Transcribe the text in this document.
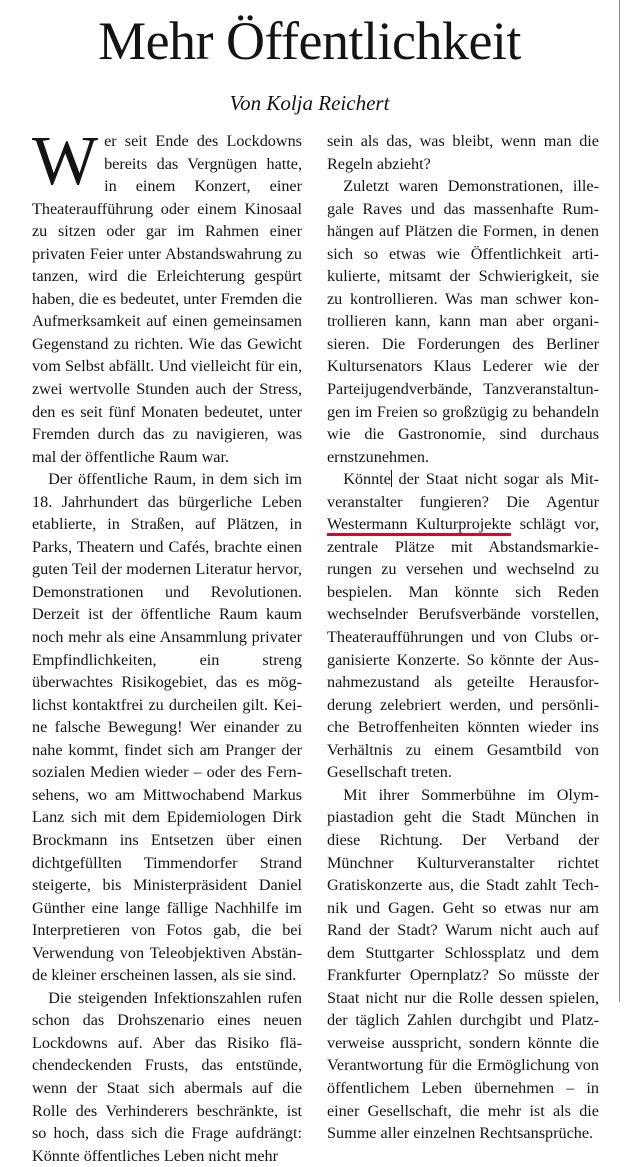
Mehr Öffentlichkeit
Von Kolja Reichert

Wer seit Ende des Lockdowns bereits das Vergnügen hatte, in einem Konzert, einer Theateraufführung oder einem Kinosaal zu sitzen oder gar im Rahmen einer privaten Feier unter Abstandswahrung zu tanzen, wird die Erleichterung gespürt haben, die es bedeutet, unter Fremden die Aufmerksamkeit auf einen gemeinsamen Gegenstand zu richten. Wie das Gewicht vom Selbst abfällt. Und vielleicht für ein, zwei wertvolle Stunden auch der Stress, den es seit fünf Monaten bedeutet, unter Fremden durch das zu navigieren, was mal der öffentliche Raum war.

Der öffentliche Raum, in dem sich im 18. Jahrhundert das bürgerliche Leben etablierte, in Straßen, auf Plätzen, in Parks, Theatern und Cafés, brachte einen guten Teil der modernen Literatur hervor, Demonstrationen und Revolutionen. Derzeit ist der öffentliche Raum kaum noch mehr als eine Ansammlung privater Empfindlichkeiten, ein streng überwachtes Risikogebiet, das es möglichst kontaktfrei zu durcheilen gilt. Keine falsche Bewegung! Wer einander zu nahe kommt, findet sich am Pranger der sozialen Medien wieder – oder des Fernsehens, wo am Mittwochabend Markus Lanz sich mit dem Epidemiologen Dirk Brockmann ins Entsetzen über einen dichtgefüllten Timmendorfer Strand steigerte, bis Ministerpräsident Daniel Günther eine lange fällige Nachhilfe im Interpretieren von Fotos gab, die bei Verwendung von Teleobjektiven Abstände kleiner erscheinen lassen, als sie sind.

Die steigenden Infektionszahlen rufen schon das Drohszenario eines neuen Lockdowns auf. Aber das Risiko flächendeckenden Frusts, das entstünde, wenn der Staat sich abermals auf die Rolle des Verhinderers beschränkte, ist so hoch, dass sich die Frage aufdrängt: Könnte öffentliches Leben nicht mehr

sein als das, was bleibt, wenn man die Regeln abzieht?

Zuletzt waren Demonstrationen, illegale Raves und das massenhafte Rumhängen auf Plätzen die Formen, in denen sich so etwas wie Öffentlichkeit artikulierte, mitsamt der Schwierigkeit, sie zu kontrollieren. Was man schwer kontrollieren kann, kann man aber organisieren. Die Forderungen des Berliner Kultursenators Klaus Lederer wie der Parteijugendverbände, Tanzveranstaltungen im Freien so großzügig zu behandeln wie die Gastronomie, sind durchaus ernstzunehmen.

Könnte der Staat nicht sogar als Mitveranstalter fungieren? Die Agentur Westermann Kulturprojekte schlägt vor, zentrale Plätze mit Abstandsmarkierungen zu versehen und wechselnd zu bespielen. Man könnte sich Reden wechselnder Berufsverbände vorstellen, Theateraufführungen und von Clubs organisierte Konzerte. So könnte der Ausnahmezustand als geteilte Herausforderung zelebriert werden, und persönliche Betroffenheiten könnten wieder ins Verhältnis zu einem Gesamtbild von Gesellschaft treten.

Mit ihrer Sommerbühne im Olympiastadion geht die Stadt München in diese Richtung. Der Verband der Münchner Kulturveranstalter richtet Gratiskonzerte aus, die Stadt zahlt Technik und Gagen. Geht so etwas nur am Rand der Stadt? Warum nicht auch auf dem Stuttgarter Schlossplatz und dem Frankfurter Opernplatz? So müsste der Staat nicht nur die Rolle dessen spielen, der täglich Zahlen durchgibt und Platzverweise ausspricht, sondern könnte die Verantwortung für die Ermöglichung von öffentlichem Leben übernehmen – in einer Gesellschaft, die mehr ist als die Summe aller einzelnen Rechtsansprüche.
